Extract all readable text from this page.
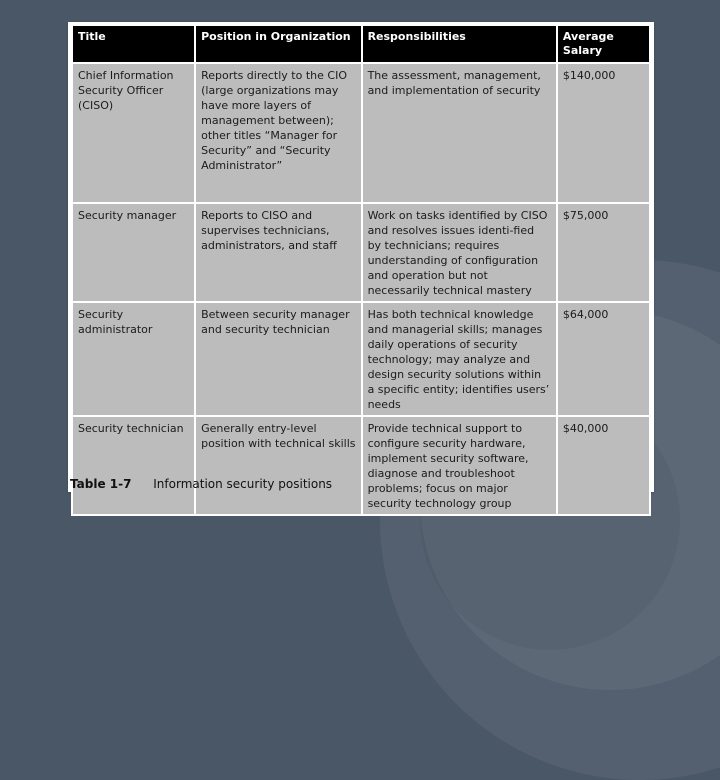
Title	Position in Organization	Responsibilities	Average Salary
Chief Information Security Officer (CISO)	Reports directly to the CIO (large organizations may have more layers of management between); other titles “Manager for Security” and “Security Administrator”	The assessment, management, and implementation of security	$140,000
Security manager	Reports to CISO and supervises technicians, administrators, and staff	Work on tasks identified by CISO and resolves issues identi-fied by technicians; requires understanding of configuration and operation but not necessarily technical mastery	$75,000
Security administrator	Between security manager and security technician	Has both technical knowledge and managerial skills; manages daily operations of security technology; may analyze and design security solutions within a specific entity; identifies users’ needs	$64,000
Security technician	Generally entry-level position with technical skills	Provide technical support to configure security hardware, implement security software, diagnose and troubleshoot problems; focus on major security technology group	$40,000
Table 1-7 Information security positions
